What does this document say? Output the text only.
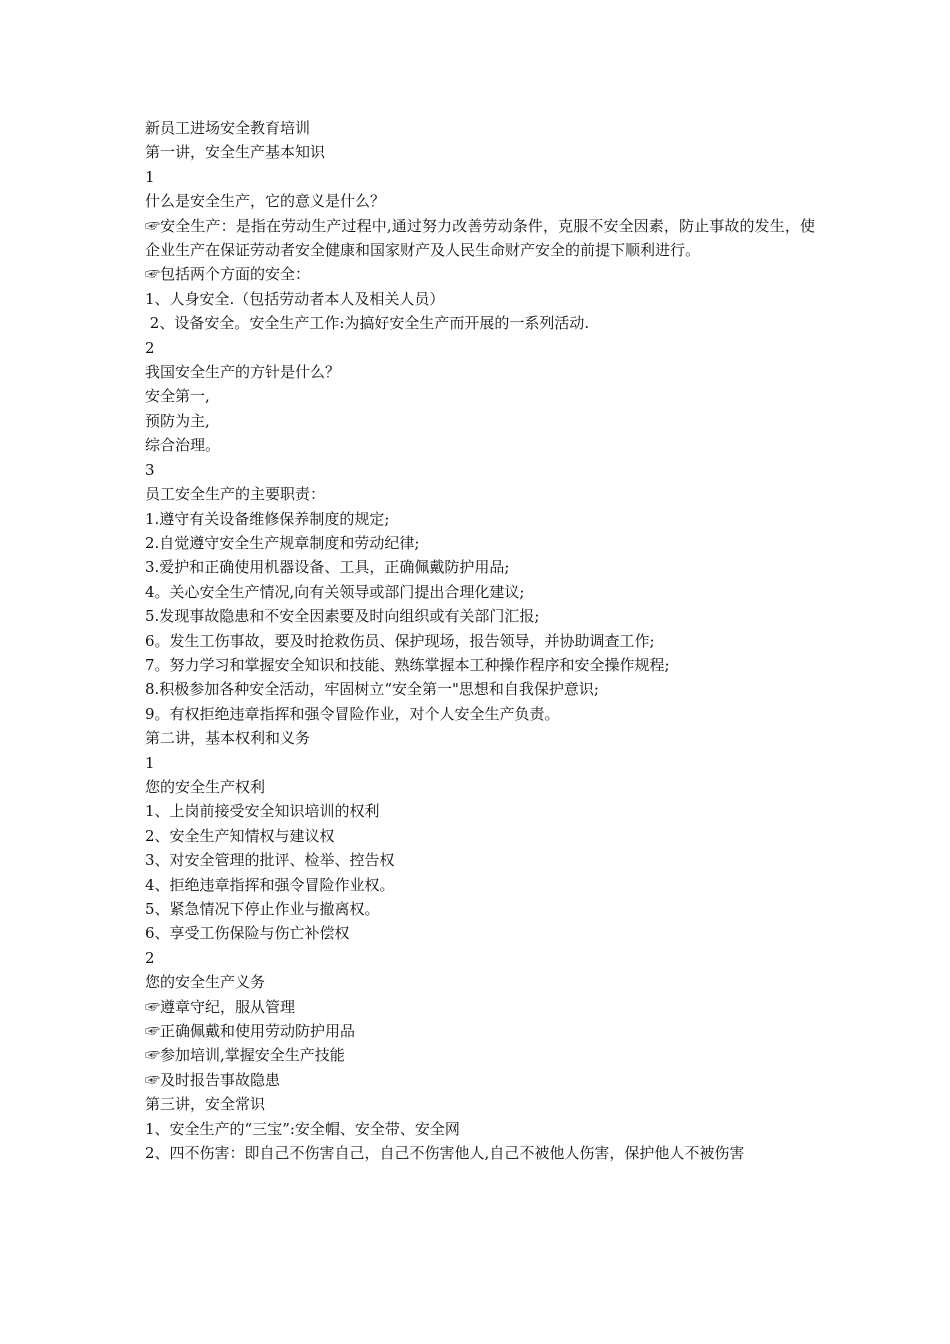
新员工进场安全教育培训
第一讲，安全生产基本知识
1
什么是安全生产，它的意义是什么？
☞安全生产：是指在劳动生产过程中,通过努力改善劳动条件，克服不安全因素，防止事故的发生，使企业生产在保证劳动者安全健康和国家财产及人民生命财产安全的前提下顺利进行。
☞包括两个方面的安全：
1、人身安全.（包括劳动者本人及相关人员）
2、设备安全。安全生产工作:为搞好安全生产而开展的一系列活动.
2
我国安全生产的方针是什么？
安全第一,
预防为主,
综合治理。
3
员工安全生产的主要职责：
1.遵守有关设备维修保养制度的规定;
2.自觉遵守安全生产规章制度和劳动纪律;
3.爱护和正确使用机器设备、工具，正确佩戴防护用品;
4。关心安全生产情况,向有关领导或部门提出合理化建议;
5.发现事故隐患和不安全因素要及时向组织或有关部门汇报;
6。发生工伤事故，要及时抢救伤员、保护现场，报告领导，并协助调查工作;
7。努力学习和掌握安全知识和技能、熟练掌握本工种操作程序和安全操作规程;
8.积极参加各种安全活动，牢固树立“安全第一"思想和自我保护意识;
9。有权拒绝违章指挥和强令冒险作业，对个人安全生产负责。
第二讲，基本权利和义务
1
您的安全生产权利
1、上岗前接受安全知识培训的权利
2、安全生产知情权与建议权
3、对安全管理的批评、检举、控告权
4、拒绝违章指挥和强令冒险作业权。
5、紧急情况下停止作业与撤离权。
6、享受工伤保险与伤亡补偿权
2
您的安全生产义务
☞遵章守纪，服从管理
☞正确佩戴和使用劳动防护用品
☞参加培训,掌握安全生产技能
☞及时报告事故隐患
第三讲，安全常识
1、安全生产的“三宝”:安全帽、安全带、安全网
2、四不伤害：即自己不伤害自己，自己不伤害他人,自己不被他人伤害，保护他人不被伤害
